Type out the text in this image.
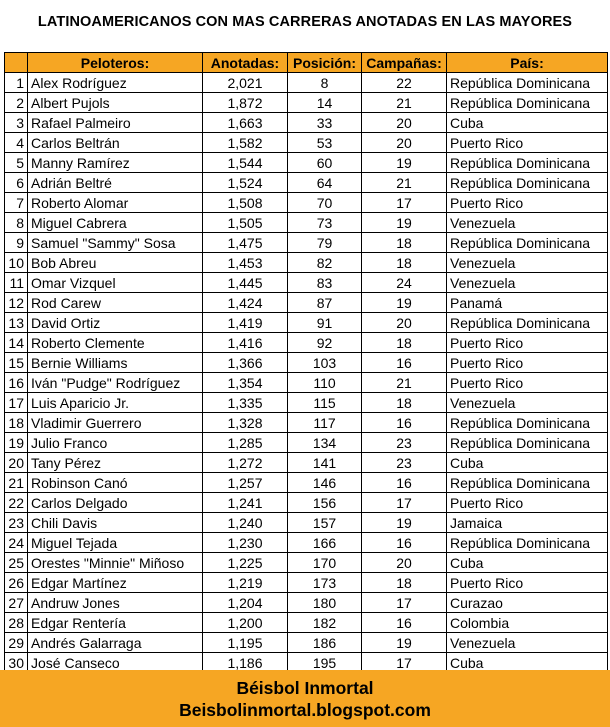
LATINOAMERICANOS CON MAS CARRERAS ANOTADAS EN LAS MAYORES
	Peloteros:	Anotadas:	Posición:	Campañas:	País:
1	Alex Rodríguez	2,021	8	22	República Dominicana
2	Albert Pujols	1,872	14	21	República Dominicana
3	Rafael Palmeiro	1,663	33	20	Cuba
4	Carlos Beltrán	1,582	53	20	Puerto Rico
5	Manny Ramírez	1,544	60	19	República Dominicana
6	Adrián Beltré	1,524	64	21	República Dominicana
7	Roberto Alomar	1,508	70	17	Puerto Rico
8	Miguel Cabrera	1,505	73	19	Venezuela
9	Samuel "Sammy" Sosa	1,475	79	18	República Dominicana
10	Bob Abreu	1,453	82	18	Venezuela
11	Omar Vizquel	1,445	83	24	Venezuela
12	Rod Carew	1,424	87	19	Panamá
13	David Ortiz	1,419	91	20	República Dominicana
14	Roberto Clemente	1,416	92	18	Puerto Rico
15	Bernie Williams	1,366	103	16	Puerto Rico
16	Iván "Pudge" Rodríguez	1,354	110	21	Puerto Rico
17	Luis Aparicio Jr.	1,335	115	18	Venezuela
18	Vladimir Guerrero	1,328	117	16	República Dominicana
19	Julio Franco	1,285	134	23	República Dominicana
20	Tany Pérez	1,272	141	23	Cuba
21	Robinson Canó	1,257	146	16	República Dominicana
22	Carlos Delgado	1,241	156	17	Puerto Rico
23	Chili Davis	1,240	157	19	Jamaica
24	Miguel Tejada	1,230	166	16	República Dominicana
25	Orestes "Minnie" Miñoso	1,225	170	20	Cuba
26	Edgar Martínez	1,219	173	18	Puerto Rico
27	Andruw Jones	1,204	180	17	Curazao
28	Edgar Rentería	1,200	182	16	Colombia
29	Andrés Galarraga	1,195	186	19	Venezuela
30	José Canseco	1,186	195	17	Cuba
Béisbol Inmortal
Beisbolinmortal.blogspot.com
